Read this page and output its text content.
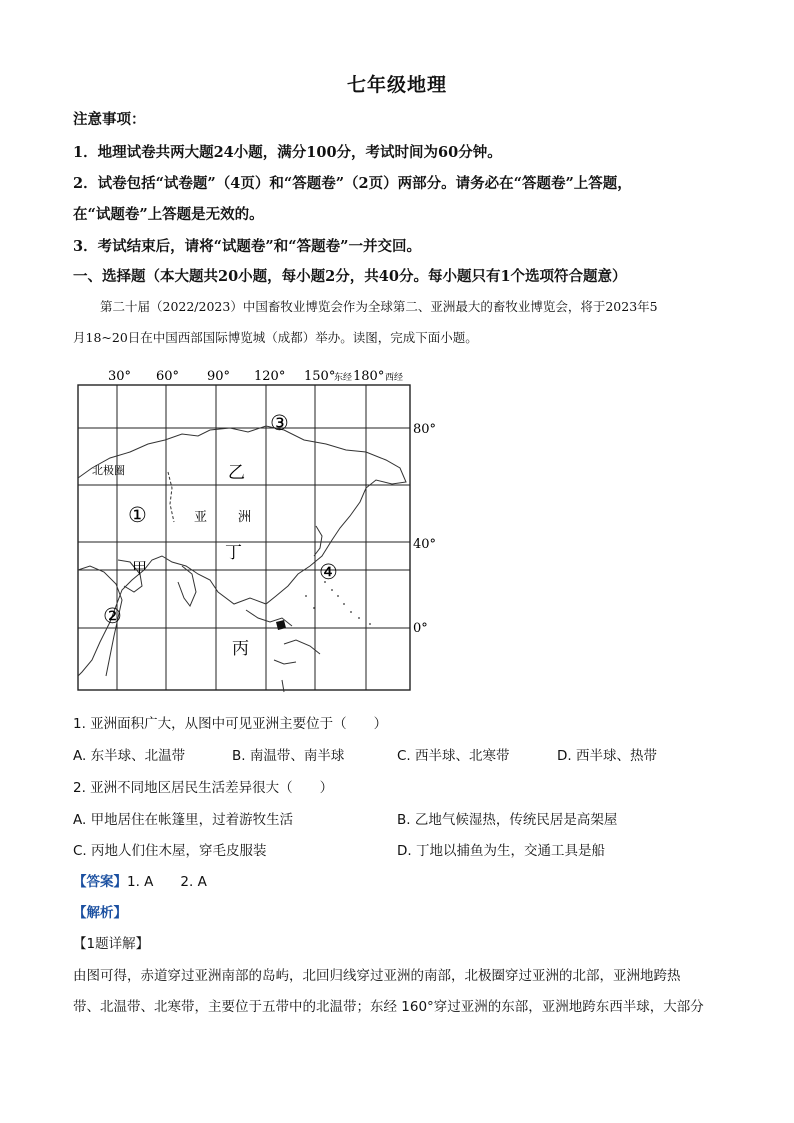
七年级地理
注意事项：
1．地理试卷共两大题24小题，满分100分，考试时间为60分钟。
2．试卷包括“试卷题”（4页）和“答题卷”（2页）两部分。请务必在“答题卷”上答题，
在“试题卷”上答题是无效的。
3．考试结束后，请将“试题卷”和“答题卷”一并交回。
一、选择题（本大题共20小题，每小题2分，共40分。每小题只有1个选项符合题意）
第二十届（2022/2023）中国畜牧业博览会作为全球第二、亚洲最大的畜牧业博览会，将于2023年5
月18~20日在中国西部国际博览城（成都）举办。读图，完成下面小题。
30° 60° 90° 120° 150°
东经 180° 西经
80°
40°
0°
北极圈
亚 洲
①
②
③
④
甲
乙
丙
丁
1. 亚洲面积广大，从图中可见亚洲主要位于（　　）
A. 东半球、北温带	B. 南温带、南半球	C. 西半球、北寒带	D. 西半球、热带
2. 亚洲不同地区居民生活差异很大（　　）
A. 甲地居住在帐篷里，过着游牧生活	B. 乙地气候湿热，传统民居是高架屋
C. 丙地人们住木屋，穿毛皮服装	D. 丁地以捕鱼为生，交通工具是船
【答案】1. A　　2. A
【解析】
【1题详解】
由图可得，赤道穿过亚洲南部的岛屿，北回归线穿过亚洲的南部，北极圈穿过亚洲的北部，亚洲地跨热
带、北温带、北寒带，主要位于五带中的北温带；东经 160°穿过亚洲的东部，亚洲地跨东西半球，大部分
